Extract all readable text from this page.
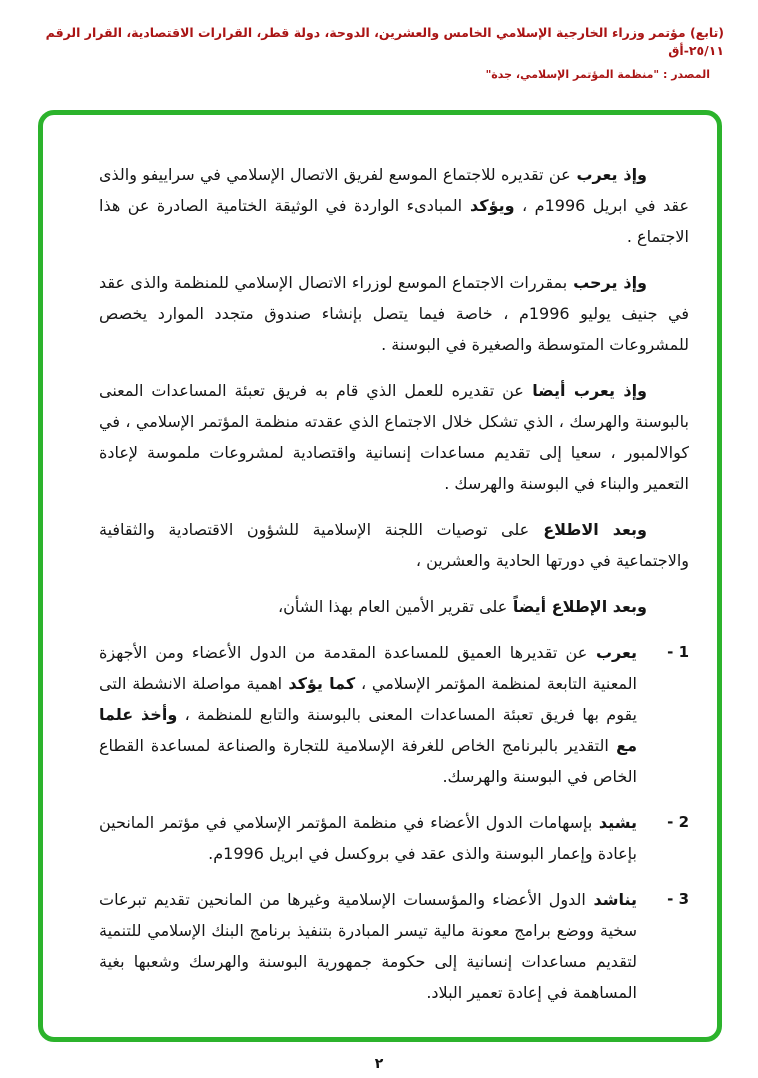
(تابع) مؤتمر وزراء الخارجية الإسلامي الخامس والعشرين، الدوحة، دولة قطر، القرارات الاقتصادية، القرار الرقم ٢٥/١١-أق
المصدر : "منظمة المؤتمر الإسلامي، جدة"

وإذ يعرب عن تقديره للاجتماع الموسع لفريق الاتصال الإسلامي في سراييفو والذى عقد في ابريل 1996م ، ويؤكد المبادىء الواردة في الوثيقة الختامية الصادرة عن هذا الاجتماع .

وإذ يرحب بمقررات الاجتماع الموسع لوزراء الاتصال الإسلامي للمنظمة والذى عقد في جنيف يوليو 1996م ، خاصة فيما يتصل بإنشاء صندوق متجدد الموارد يخصص للمشروعات المتوسطة والصغيرة في البوسنة .

وإذ يعرب أيضا عن تقديره للعمل الذي قام به فريق تعبئة المساعدات المعنى بالبوسنة والهرسك ، الذي تشكل خلال الاجتماع الذي عقدته منظمة المؤتمر الإسلامي ، في كوالالمبور ، سعيا إلى تقديم مساعدات إنسانية واقتصادية لمشروعات ملموسة لإعادة التعمير والبناء في البوسنة والهرسك .

وبعد الاطلاع على توصيات اللجنة الإسلامية للشؤون الاقتصادية والثقافية والاجتماعية في دورتها الحادية والعشرين ،

وبعد الإطلاع أيضاً على تقرير الأمين العام بهذا الشأن،

1 -
يعرب عن تقديرها العميق للمساعدة المقدمة من الدول الأعضاء ومن الأجهزة المعنية التابعة لمنظمة المؤتمر الإسلامي ، كما يؤكد اهمية مواصلة الانشطة التى يقوم بها فريق تعبئة المساعدات المعنى بالبوسنة والتابع للمنظمة ، وأخذ علما مع التقدير بالبرنامج الخاص للغرفة الإسلامية للتجارة والصناعة لمساعدة القطاع الخاص في البوسنة والهرسك.
2 -
يشيد بإسهامات الدول الأعضاء في منظمة المؤتمر الإسلامي في مؤتمر المانحين بإعادة وإعمار البوسنة والذى عقد في بروكسل في ابريل 1996م.
3 -
يناشد الدول الأعضاء والمؤسسات الإسلامية وغيرها من المانحين تقديم تبرعات سخية ووضع برامج معونة مالية تيسر المبادرة بتنفيذ برنامج البنك الإسلامي للتنمية لتقديم مساعدات إنسانية إلى حكومة جمهورية البوسنة والهرسك وشعبها بغية المساهمة في إعادة تعمير البلاد.
٢
